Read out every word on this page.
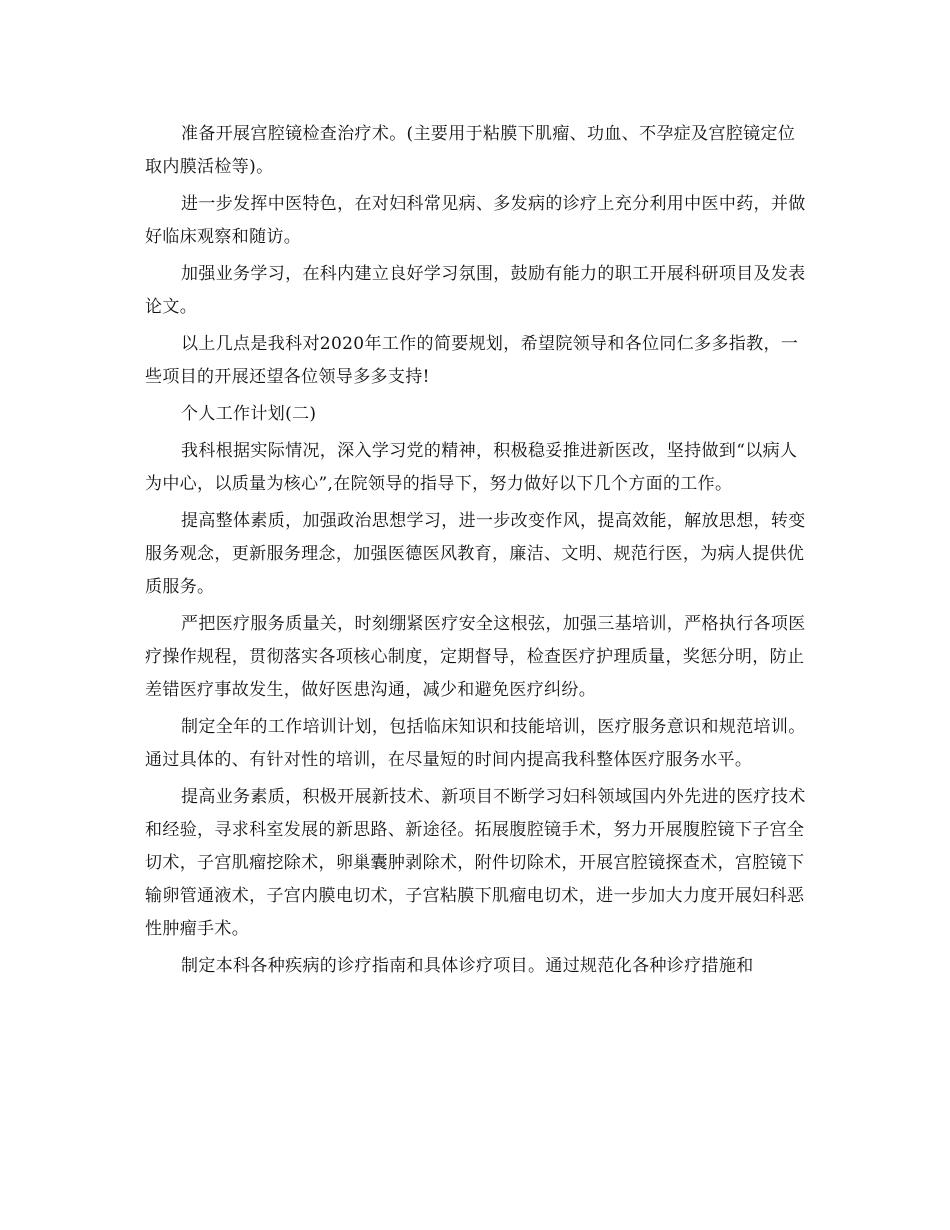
准备开展宫腔镜检查治疗术。(主要用于粘膜下肌瘤、功血、不孕症及宫腔镜定位取内膜活检等)。

进一步发挥中医特色，在对妇科常见病、多发病的诊疗上充分利用中医中药，并做好临床观察和随访。

加强业务学习，在科内建立良好学习氛围，鼓励有能力的职工开展科研项目及发表论文。

以上几点是我科对2020年工作的简要规划，希望院领导和各位同仁多多指教，一些项目的开展还望各位领导多多支持!

个人工作计划(二)

我科根据实际情况，深入学习党的精神，积极稳妥推进新医改，坚持做到“以病人为中心，以质量为核心”,在院领导的指导下，努力做好以下几个方面的工作。

提高整体素质，加强政治思想学习，进一步改变作风，提高效能，解放思想，转变服务观念，更新服务理念，加强医德医风教育，廉洁、文明、规范行医，为病人提供优质服务。

严把医疗服务质量关，时刻绷紧医疗安全这根弦，加强三基培训，严格执行各项医疗操作规程，贯彻落实各项核心制度，定期督导，检查医疗护理质量，奖惩分明，防止差错医疗事故发生，做好医患沟通，减少和避免医疗纠纷。

制定全年的工作培训计划，包括临床知识和技能培训，医疗服务意识和规范培训。通过具体的、有针对性的培训，在尽量短的时间内提高我科整体医疗服务水平。

提高业务素质，积极开展新技术、新项目不断学习妇科领域国内外先进的医疗技术和经验，寻求科室发展的新思路、新途径。拓展腹腔镜手术，努力开展腹腔镜下子宫全切术，子宫肌瘤挖除术，卵巢囊肿剥除术，附件切除术，开展宫腔镜探查术，宫腔镜下输卵管通液术，子宫内膜电切术，子宫粘膜下肌瘤电切术，进一步加大力度开展妇科恶性肿瘤手术。

制定本科各种疾病的诊疗指南和具体诊疗项目。通过规范化各种诊疗措施和
